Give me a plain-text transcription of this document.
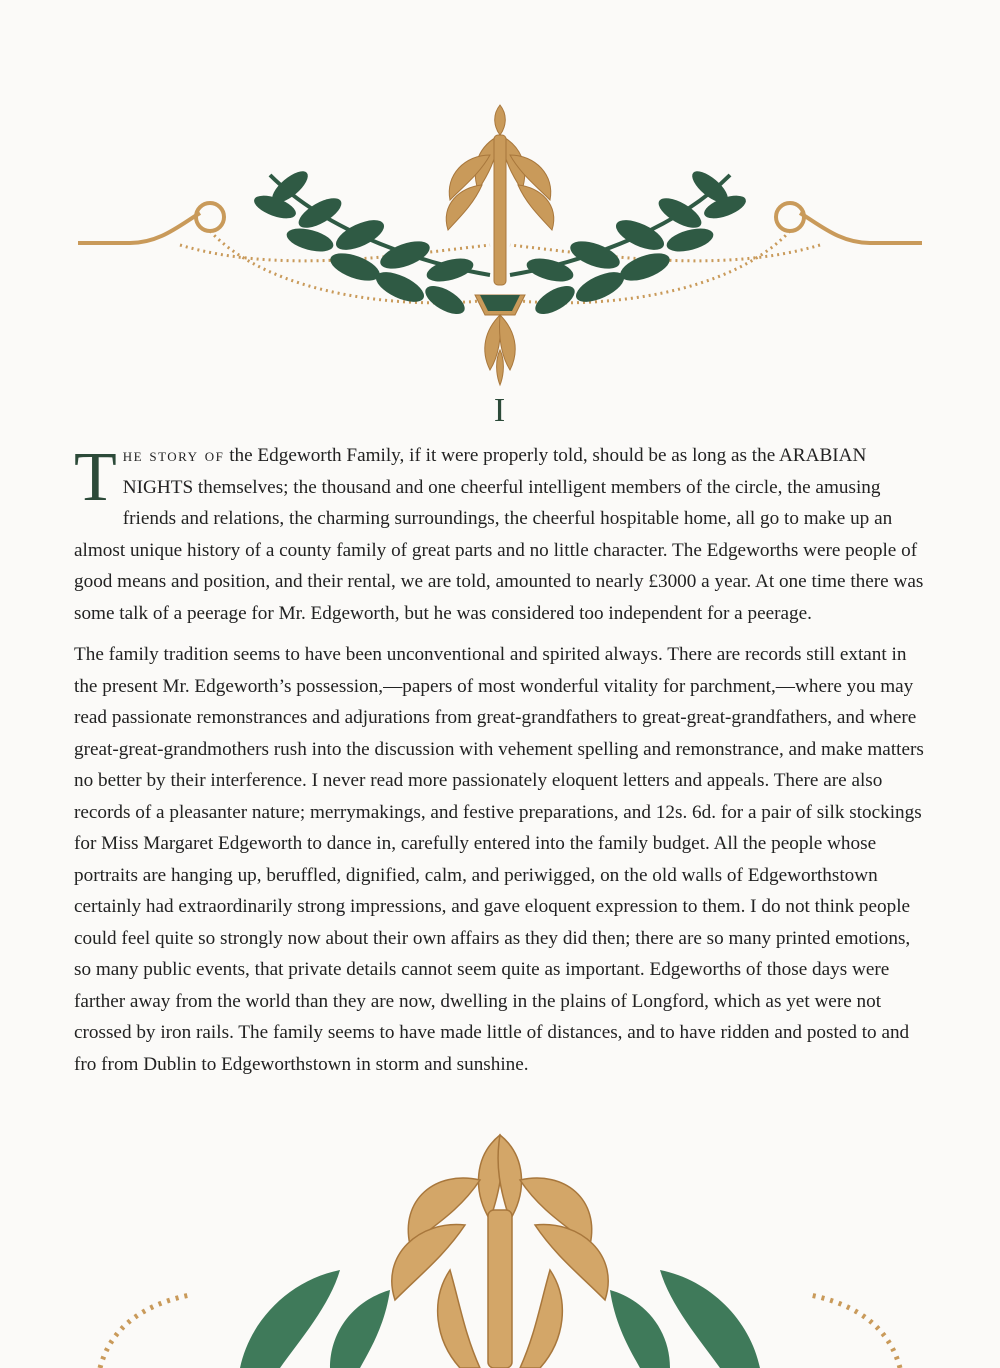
I

The story of the Edgeworth Family, if it were properly told, should be as long as the ARABIAN NIGHTS themselves; the thousand and one cheerful intelligent members of the circle, the amusing friends and relations, the charming surroundings, the cheerful hospitable home, all go to make up an almost unique history of a county family of great parts and no little character. The Edgeworths were people of good means and position, and their rental, we are told, amounted to nearly £3000 a year. At one time there was some talk of a peerage for Mr. Edgeworth, but he was considered too independent for a peerage.

The family tradition seems to have been unconventional and spirited always. There are records still extant in the present Mr. Edgeworth’s possession,—papers of most wonderful vitality for parchment,—where you may read passionate remonstrances and adjurations from great-grandfathers to great-great-grandfathers, and where great-great-grandmothers rush into the discussion with vehement spelling and remonstrance, and make matters no better by their interference. I never read more passionately eloquent letters and appeals. There are also records of a pleasanter nature; merrymakings, and festive preparations, and 12s. 6d. for a pair of silk stockings for Miss Margaret Edgeworth to dance in, carefully entered into the family budget. All the people whose portraits are hanging up, beruffled, dignified, calm, and periwigged, on the old walls of Edgeworthstown certainly had extraordinarily strong impressions, and gave eloquent expression to them. I do not think people could feel quite so strongly now about their own affairs as they did then; there are so many printed emotions, so many public events, that private details cannot seem quite as important. Edgeworths of those days were farther away from the world than they are now, dwelling in the plains of Longford, which as yet were not crossed by iron rails. The family seems to have made little of distances, and to have ridden and posted to and fro from Dublin to Edgeworthstown in storm and sunshine.
